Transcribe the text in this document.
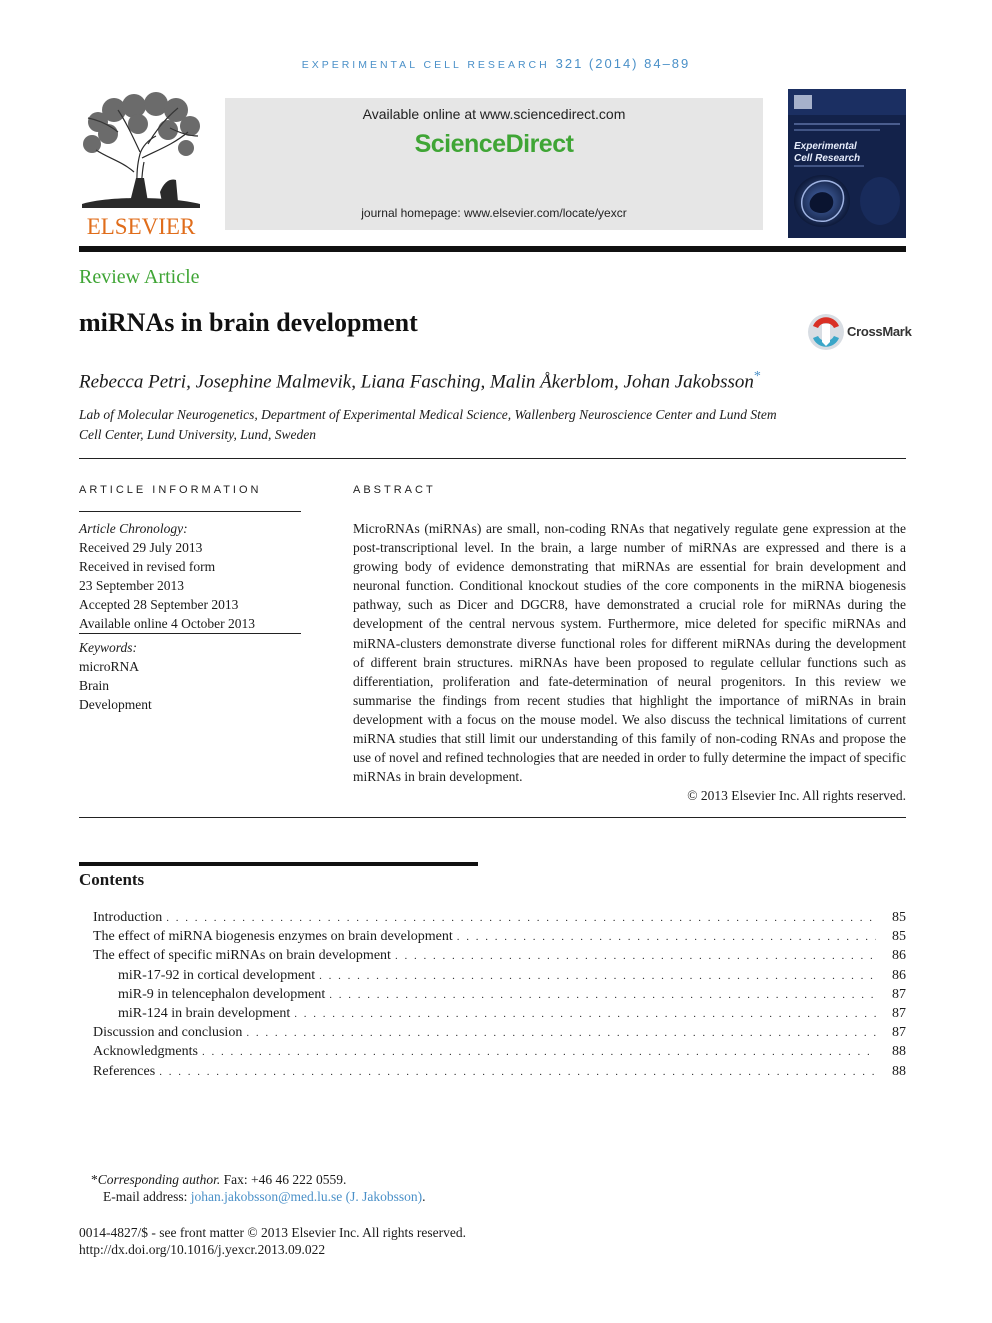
EXPERIMENTAL CELL RESEARCH 321 (2014) 84–89
ELSEVIER
Available online at www.sciencedirect.com
ScienceDirect
journal homepage: www.elsevier.com/locate/yexcr
Experimental
Cell Research
Review Article
miRNAs in brain development	CrossMark
Rebecca Petri, Josephine Malmevik, Liana Fasching, Malin Åkerblom, Johan Jakobsson*
Lab of Molecular Neurogenetics, Department of Experimental Medical Science, Wallenberg Neuroscience Center and Lund Stem Cell Center, Lund University, Lund, Sweden
ARTICLE INFORMATION
Article Chronology:
Received 29 July 2013
Received in revised form
23 September 2013
Accepted 28 September 2013
Available online 4 October 2013
Keywords:
microRNA
Brain
Development
ABSTRACT
MicroRNAs (miRNAs) are small, non-coding RNAs that negatively regulate gene expression at the post-transcriptional level. In the brain, a large number of miRNAs are expressed and there is a growing body of evidence demonstrating that miRNAs are essential for brain development and neuronal function. Conditional knockout studies of the core components in the miRNA biogenesis pathway, such as Dicer and DGCR8, have demonstrated a crucial role for miRNAs during the development of the central nervous system. Furthermore, mice deleted for specific miRNAs and miRNA-clusters demonstrate diverse functional roles for different miRNAs during the development of different brain structures. miRNAs have been proposed to regulate cellular functions such as differentiation, proliferation and fate-determination of neural progenitors. In this review we summarise the findings from recent studies that highlight the importance of miRNAs in brain development with a focus on the mouse model. We also discuss the technical limitations of current miRNA studies that still limit our understanding of this family of non-coding RNAs and propose the use of novel and refined technologies that are needed in order to fully determine the impact of specific miRNAs in brain development.
© 2013 Elsevier Inc. All rights reserved.
Contents
Introduction . . .	85
The effect of miRNA biogenesis enzymes on brain development . . .	85
The effect of specific miRNAs on brain development . . .	86
miR-17-92 in cortical development . . .	86
miR-9 in telencephalon development . . .	87
miR-124 in brain development . . .	87
Discussion and conclusion . . .	87
Acknowledgments . . .	88
References . . .	88
*Corresponding author. Fax: +46 46 222 0559.
E-mail address: johan.jakobsson@med.lu.se (J. Jakobsson).
0014-4827/$ - see front matter © 2013 Elsevier Inc. All rights reserved.
http://dx.doi.org/10.1016/j.yexcr.2013.09.022
